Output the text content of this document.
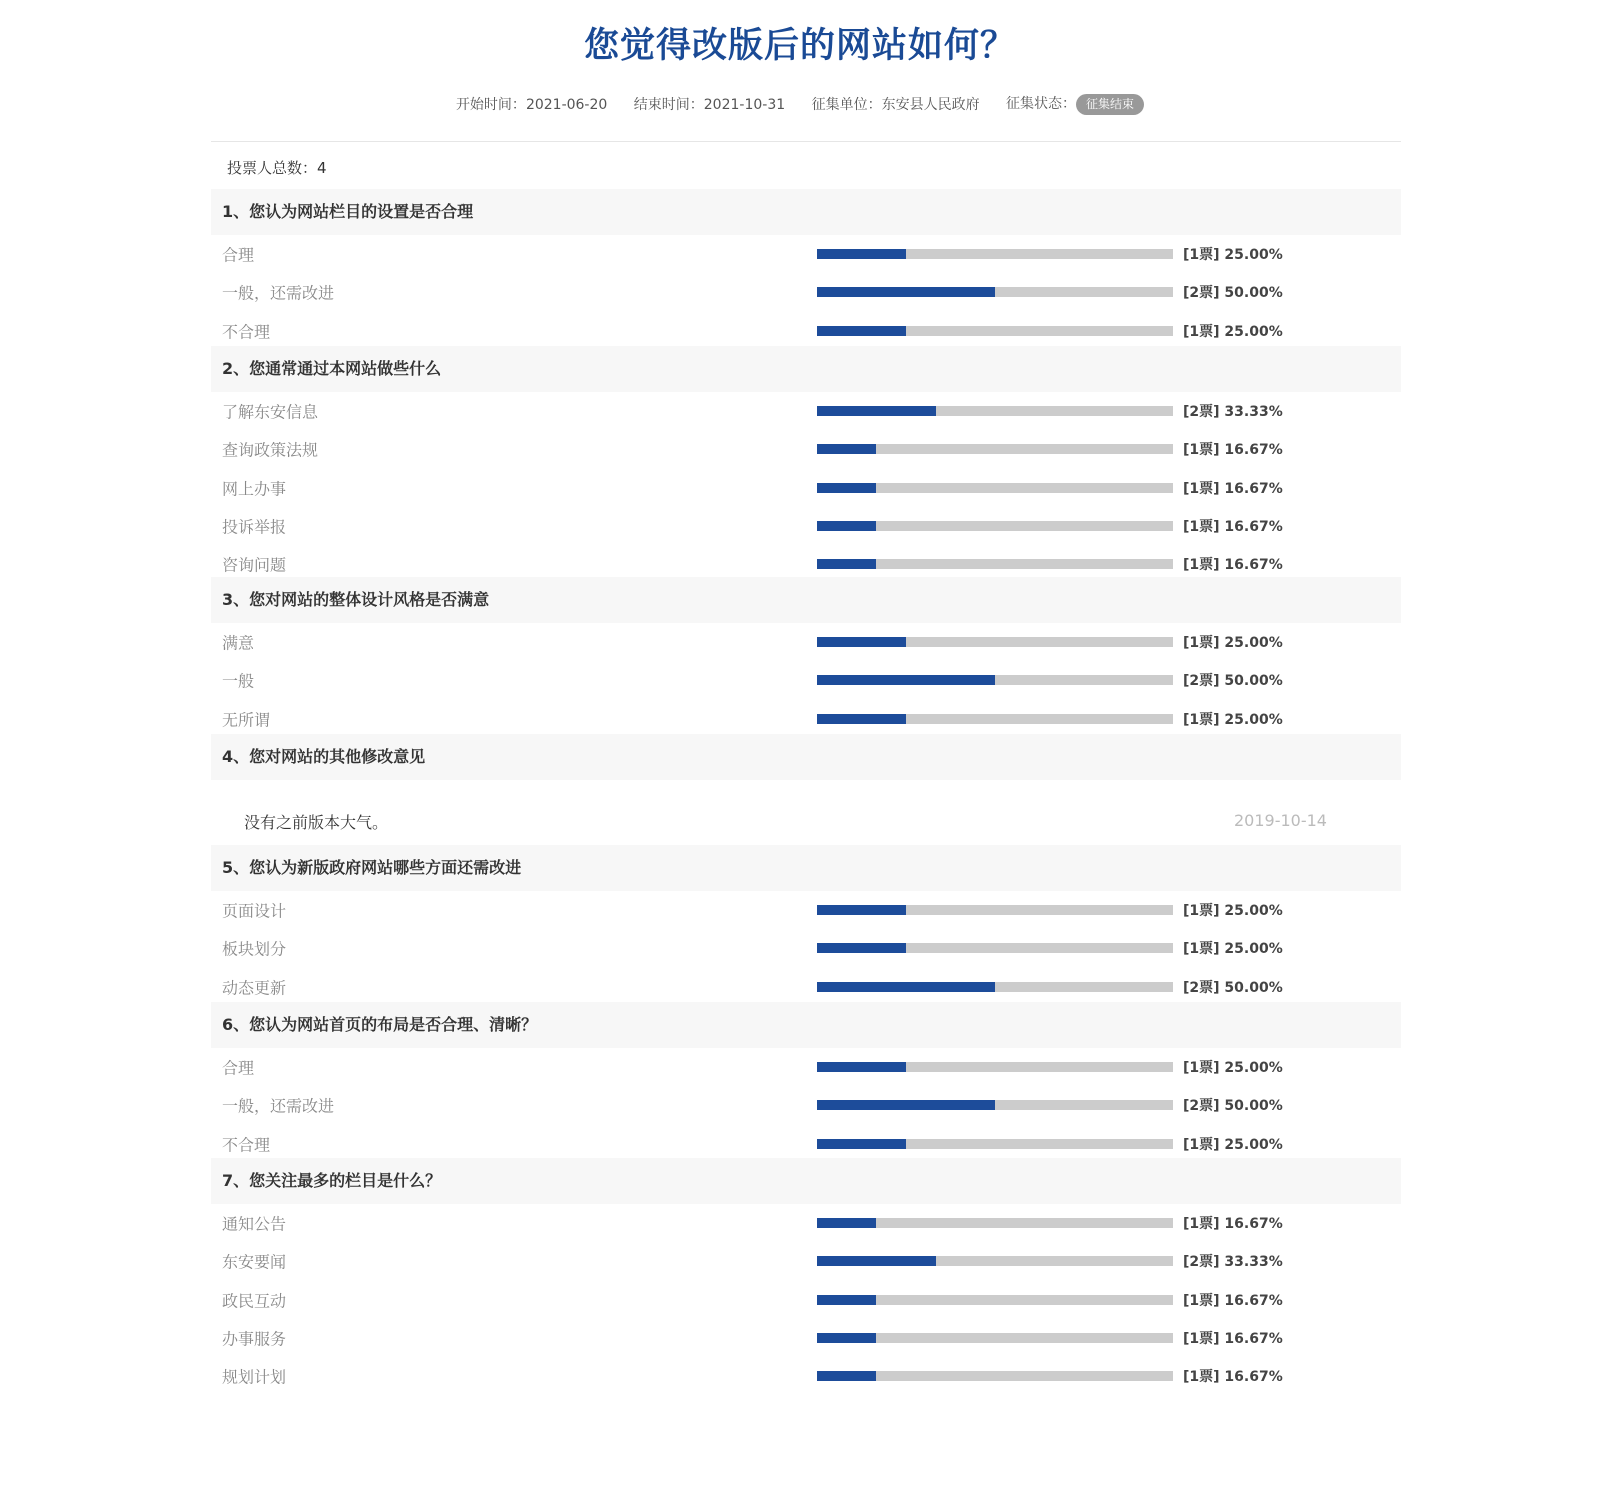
您觉得改版后的网站如何？
开始时间：2021-06-20 结束时间：2021-10-31 征集单位：东安县人民政府 征集状态： 征集结束
投票人总数：4
1、您认为网站栏目的设置是否合理
合理	[1票] 25.00%
一般，还需改进	[2票] 50.00%
不合理	[1票] 25.00%
2、您通常通过本网站做些什么
了解东安信息	[2票] 33.33%
查询政策法规	[1票] 16.67%
网上办事	[1票] 16.67%
投诉举报	[1票] 16.67%
咨询问题	[1票] 16.67%
3、您对网站的整体设计风格是否满意
满意	[1票] 25.00%
一般	[2票] 50.00%
无所谓	[1票] 25.00%
4、您对网站的其他修改意见
没有之前版本大气。	2019-10-14
5、您认为新版政府网站哪些方面还需改进
页面设计	[1票] 25.00%
板块划分	[1票] 25.00%
动态更新	[2票] 50.00%
6、您认为网站首页的布局是否合理、清晰？
合理	[1票] 25.00%
一般，还需改进	[2票] 50.00%
不合理	[1票] 25.00%
7、您关注最多的栏目是什么？
通知公告	[1票] 16.67%
东安要闻	[2票] 33.33%
政民互动	[1票] 16.67%
办事服务	[1票] 16.67%
规划计划	[1票] 16.67%
